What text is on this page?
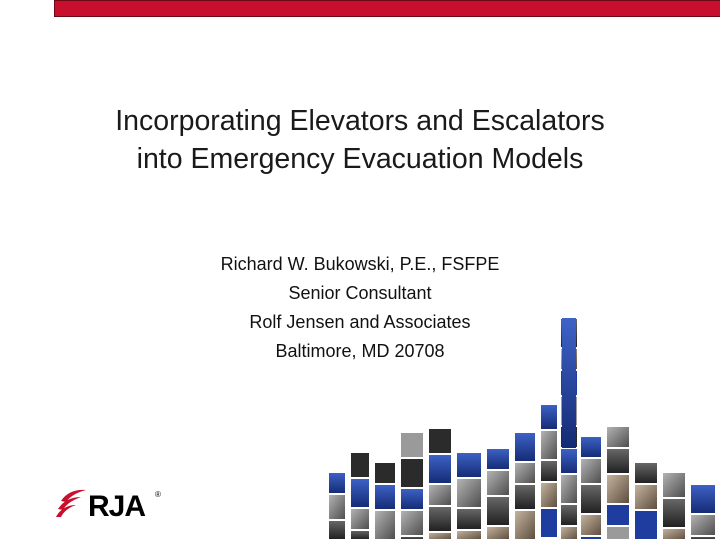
Incorporating Elevators and Escalators
into Emergency Evacuation Models
Richard W. Bukowski, P.E., FSFPE
Senior Consultant
Rolf Jensen and Associates
Baltimore, MD 20708
RJA ®
